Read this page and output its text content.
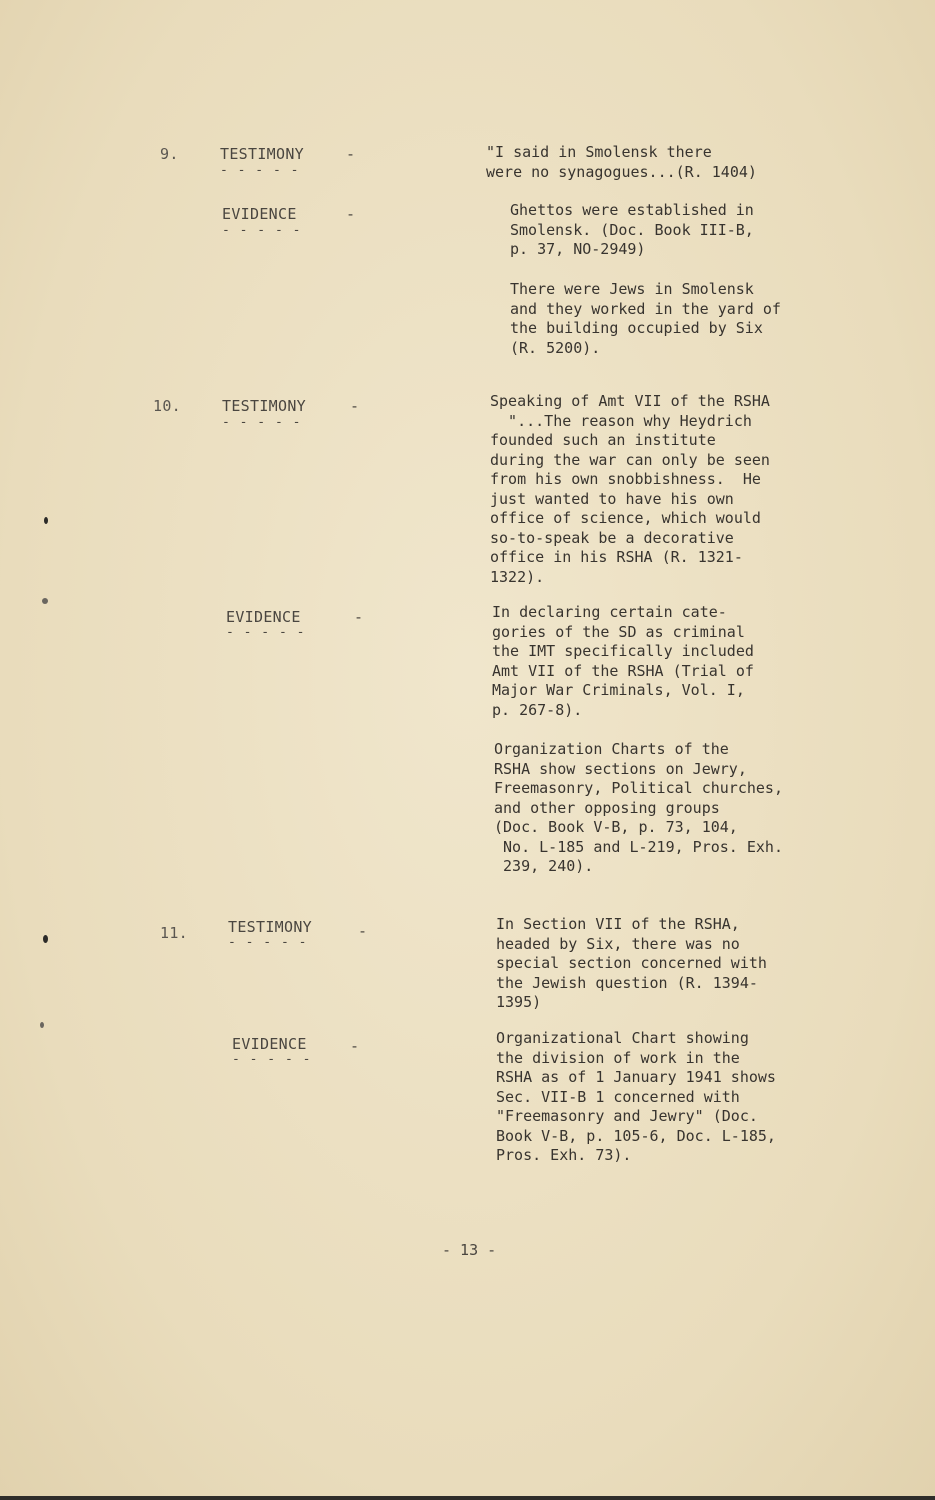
9.	TESTIMONY
- - - - -
-	"I said in Smolensk there
were no synagogues...(R. 1404)
EVIDENCE
- - - - -
-	Ghettos were established in
Smolensk. (Doc. Book III-B,
p. 37, NO-2949)
There were Jews in Smolensk
and they worked in the yard of
the building occupied by Six
(R. 5200).
10.	TESTIMONY
- - - - -
-	Speaking of Amt VII of the RSHA
"...The reason why Heydrich
founded such an institute
during the war can only be seen
from his own snobbishness.  He
just wanted to have his own
office of science, which would
so-to-speak be a decorative
office in his RSHA (R. 1321-
1322).
EVIDENCE
- - - - -
-	In declaring certain cate-
gories of the SD as criminal
the IMT specifically included
Amt VII of the RSHA (Trial of
Major War Criminals, Vol. I,
p. 267-8).
Organization Charts of the
RSHA show sections on Jewry,
Freemasonry, Political churches,
and other opposing groups
(Doc. Book V-B, p. 73, 104,
No. L-185 and L-219, Pros. Exh.
239, 240).
11.	TESTIMONY
- - - - -
-	In Section VII of the RSHA,
headed by Six, there was no
special section concerned with
the Jewish question (R. 1394-
1395)
EVIDENCE
- - - - -
-	Organizational Chart showing
the division of work in the
RSHA as of 1 January 1941 shows
Sec. VII-B 1 concerned with
"Freemasonry and Jewry" (Doc.
Book V-B, p. 105-6, Doc. L-185,
Pros. Exh. 73).
- 13 -
